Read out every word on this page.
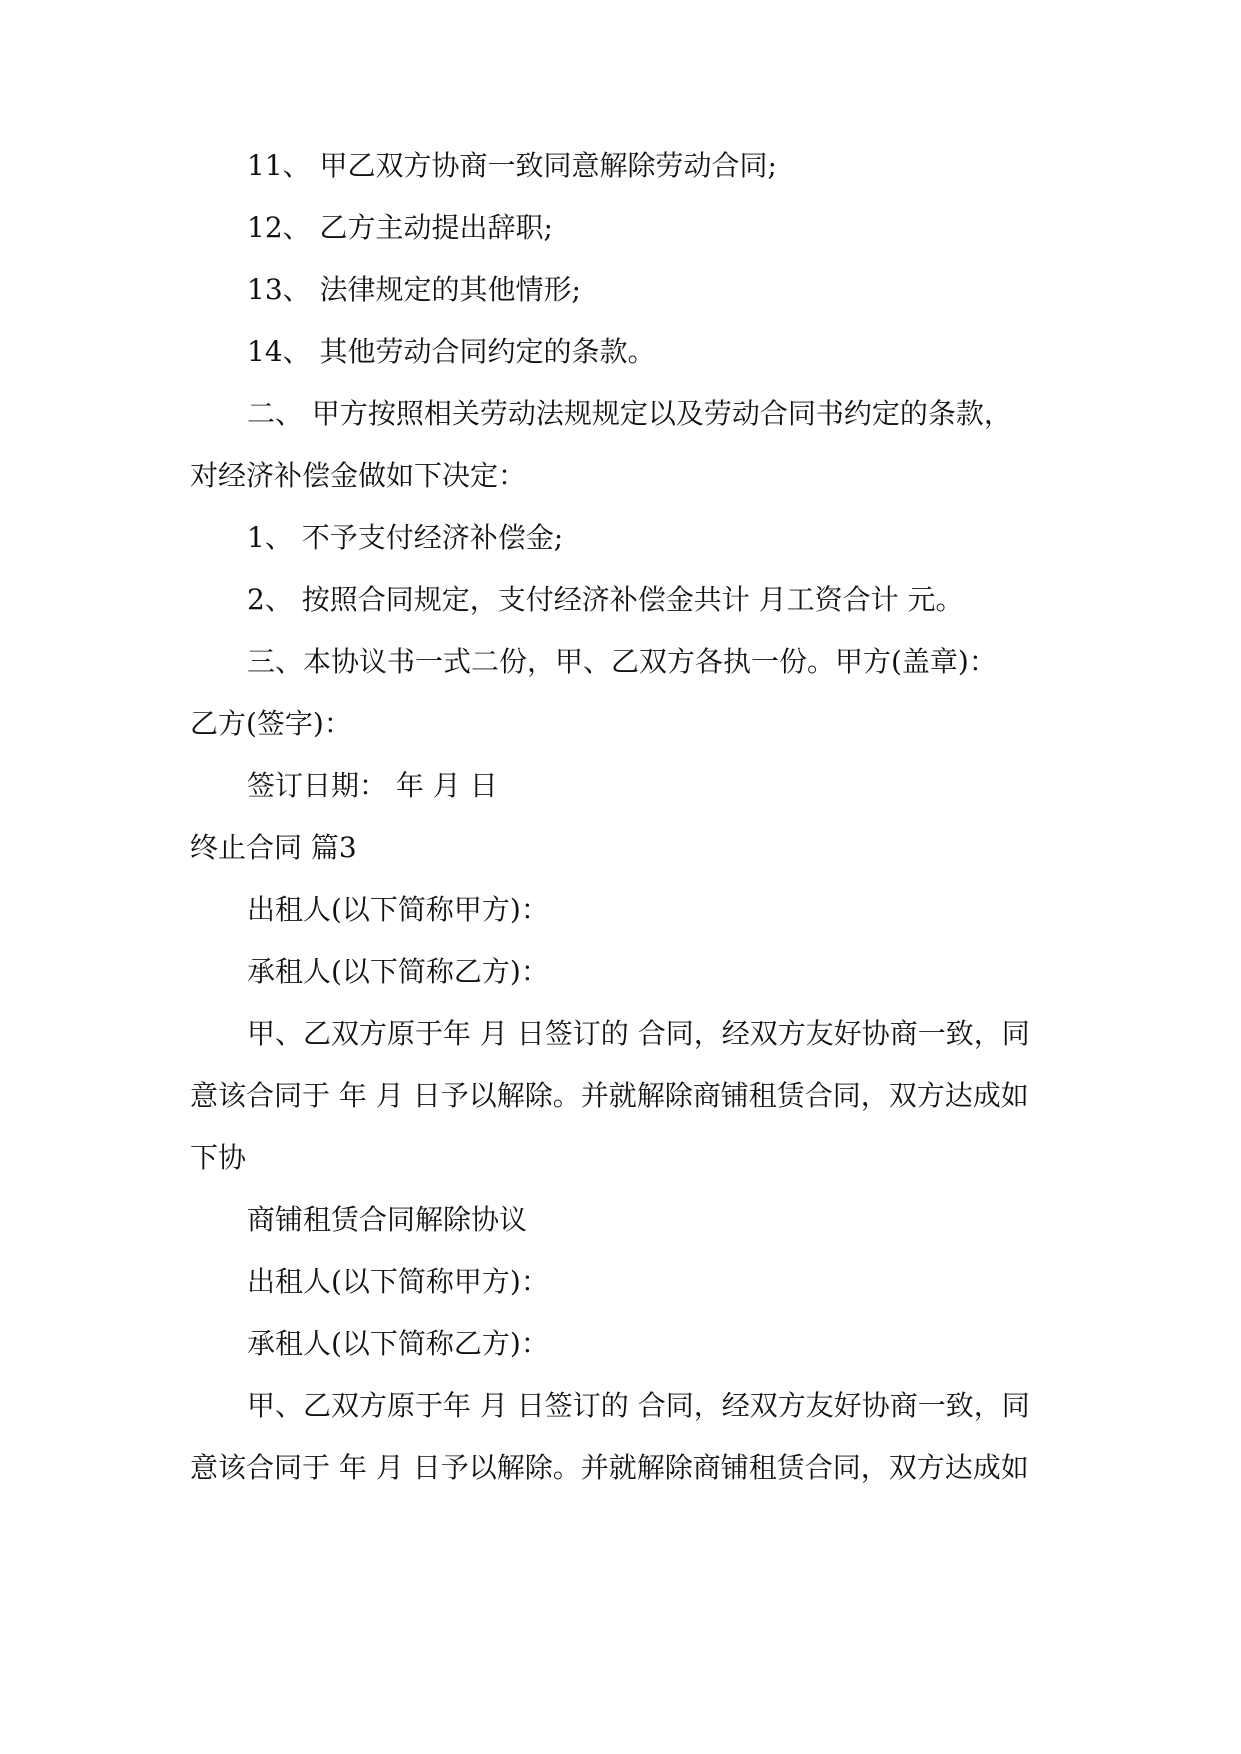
11、 甲乙双方协商一致同意解除劳动合同;
12、 乙方主动提出辞职;
13、 法律规定的其他情形;
14、 其他劳动合同约定的条款。
二、 甲方按照相关劳动法规规定以及劳动合同书约定的条款，
对经济补偿金做如下决定：
1、 不予支付经济补偿金;
2、 按照合同规定，支付经济补偿金共计 月工资合计 元。
三、本协议书一式二份，甲、乙双方各执一份。甲方(盖章)：
乙方(签字)：
签订日期： 年 月 日
终止合同 篇3
出租人(以下简称甲方)：
承租人(以下简称乙方)：
甲、乙双方原于年 月 日签订的 合同，经双方友好协商一致，同
意该合同于 年 月 日予以解除。并就解除商铺租赁合同，双方达成如
下协
商铺租赁合同解除协议
出租人(以下简称甲方)：
承租人(以下简称乙方)：
甲、乙双方原于年 月 日签订的 合同，经双方友好协商一致，同
意该合同于 年 月 日予以解除。并就解除商铺租赁合同，双方达成如
